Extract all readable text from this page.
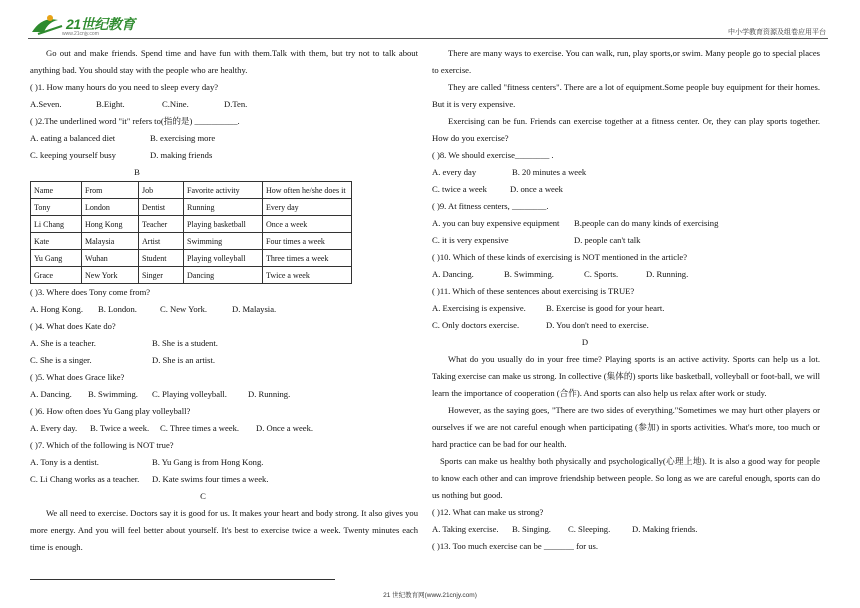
21世纪教育
www.21cnjy.com	中小学教育资源及组卷应用平台

Go out and make friends. Spend time and have fun with them.Talk with them, but try not to talk about anything bad. You should stay with the people who are healthy.

( )1. How many hours do you need to sleep every day?

A.Seven.	B.Eight.	C.Nine.	D.Ten.

( )2.The underlined word "it" refers to(指的是) __________.

A. eating a balanced diet	B. exercising more

C. keeping yourself busy	D. making friends

B

Name	From	Job	Favorite activity	How often he/she does it
Tony	London	Dentist	Running	Every day
Li Chang	Hong Kong	Teacher	Playing basketball	Once a week
Kate	Malaysia	Artist	Swimming	Four times a week
Yu Gang	Wuhan	Student	Playing volleyball	Three times a week
Grace	New York	Singer	Dancing	Twice a week

( )3. Where does Tony come from?

A. Hong Kong.	B. London.	C. New York.	D. Malaysia.

( )4. What does Kate do?

A. She is a teacher.	B. She is a student.

C. She is a singer.	D. She is an artist.

( )5. What does Grace like?

A. Dancing.	B. Swimming.	C. Playing volleyball.	D. Running.

( )6. How often does Yu Gang play volleyball?

A. Every day.	B. Twice a week.	C. Three times a week.	D. Once a week.

( )7. Which of the following is NOT true?

A. Tony is a dentist.	B. Yu Gang is from Hong Kong.

C. Li Chang works as a teacher.	D. Kate swims four times a week.

C

We all need to exercise. Doctors say it is good for us. It makes your heart and body strong. It also gives you more energy. And you will feel better about yourself. It's best to exercise twice a week. Twenty minutes each time is enough.

There are many ways to exercise. You can walk, run, play sports,or swim. Many people go to special places to exercise.

They are called "fitness centers". There are a lot of equipment.Some people buy equipment for their homes. But it is very expensive.

Exercising can be fun. Friends can exercise together at a fitness center. Or, they can play sports together. How do you exercise?

( )8. We should exercise________ .

A. every day	B. 20 minutes a week

C. twice a week	D. once a week

( )9. At fitness centers, ________.

A. you can buy expensive equipment	B.people can do many kinds of exercising

C. it is very expensive	D. people can't talk

( )10. Which of these kinds of exercising is NOT mentioned in the article?

A. Dancing.	B. Swimming.	C. Sports.	D. Running.

( )11. Which of these sentences about exercising is TRUE?

A. Exercising is expensive.	B. Exercise is good for your heart.

C. Only doctors exercise.	D. You don't need to exercise.

D

What do you usually do in your free time? Playing sports is an active activity. Sports can help us a lot. Taking exercise can make us strong. In collective (集体的) sports like basketball, volleyball or foot-ball, we will learn the importance of cooperation (合作). And sports can also help us relax after work or study.

However, as the saying goes, "There are two sides of everything."Sometimes we may hurt other players or ourselves if we are not careful enough when participating (参加) in sports activities. What's more, too much or hard practice can be bad for our health.

Sports can make us healthy both physically and psychologically(心理上地). It is also a good way for people to know each other and can improve friendship between people. So long as we are careful enough, sports can do us nothing but good.

( )12. What can make us strong?

A. Taking exercise.	B. Singing.	C. Sleeping.	D. Making friends.

( )13. Too much exercise can be _______ for us.

21 世纪教育网(www.21cnjy.com)
